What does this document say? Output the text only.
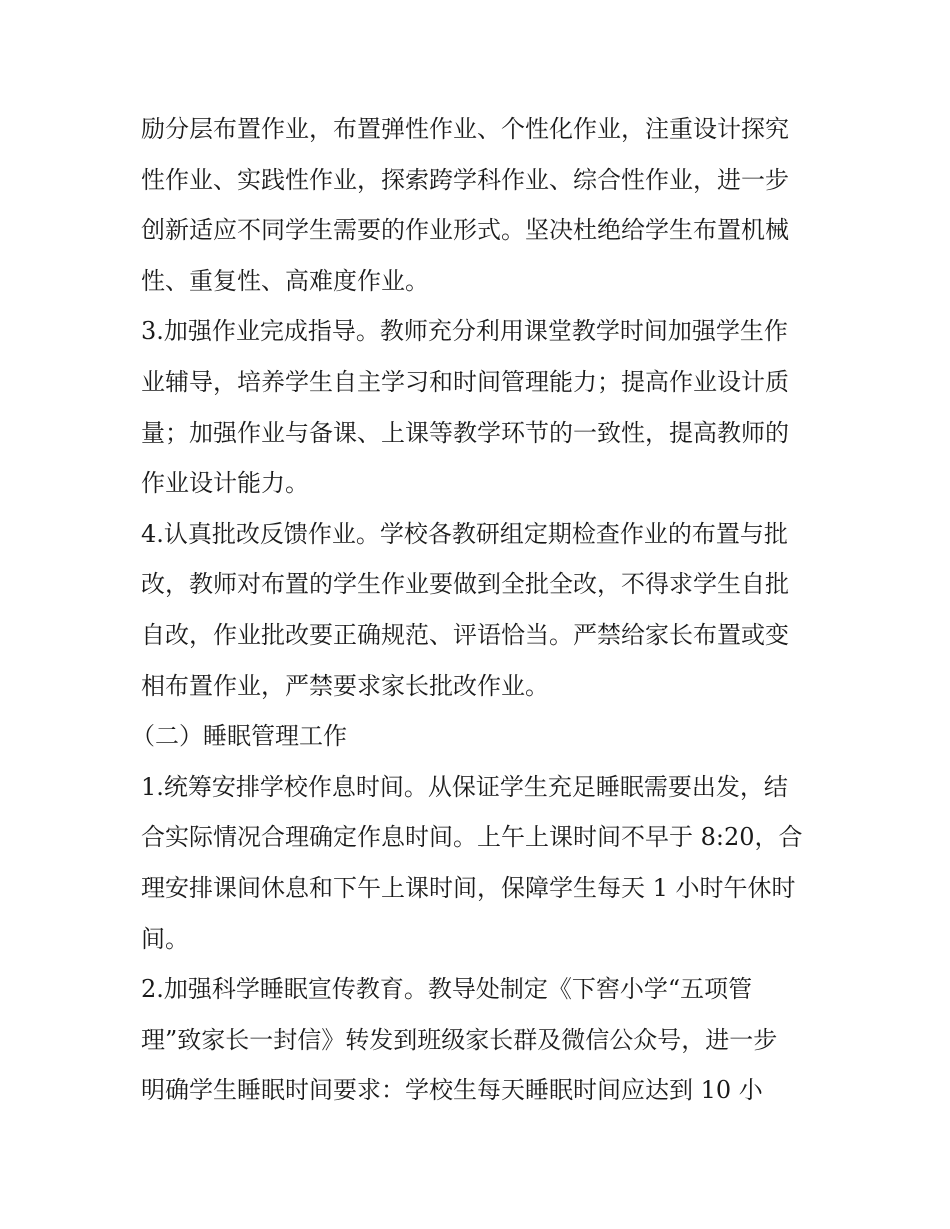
励分层布置作业，布置弹性作业、个性化作业，注重设计探究
性作业、实践性作业，探索跨学科作业、综合性作业，进一步
创新适应不同学生需要的作业形式。坚决杜绝给学生布置机械
性、重复性、高难度作业。
3.加强作业完成指导。教师充分利用课堂教学时间加强学生作
业辅导，培养学生自主学习和时间管理能力；提高作业设计质
量；加强作业与备课、上课等教学环节的一致性，提高教师的
作业设计能力。
4.认真批改反馈作业。学校各教研组定期检查作业的布置与批
改，教师对布置的学生作业要做到全批全改，不得求学生自批
自改，作业批改要正确规范、评语恰当。严禁给家长布置或变
相布置作业，严禁要求家长批改作业。
（二）睡眠管理工作
1.统筹安排学校作息时间。从保证学生充足睡眠需要出发，结
合实际情况合理确定作息时间。上午上课时间不早于 8:20，合
理安排课间休息和下午上课时间，保障学生每天 1 小时午休时
间。
2.加强科学睡眠宣传教育。教导处制定《下窖小学“五项管
理”致家长一封信》转发到班级家长群及微信公众号，进一步
明确学生睡眠时间要求：学校生每天睡眠时间应达到 10 小
